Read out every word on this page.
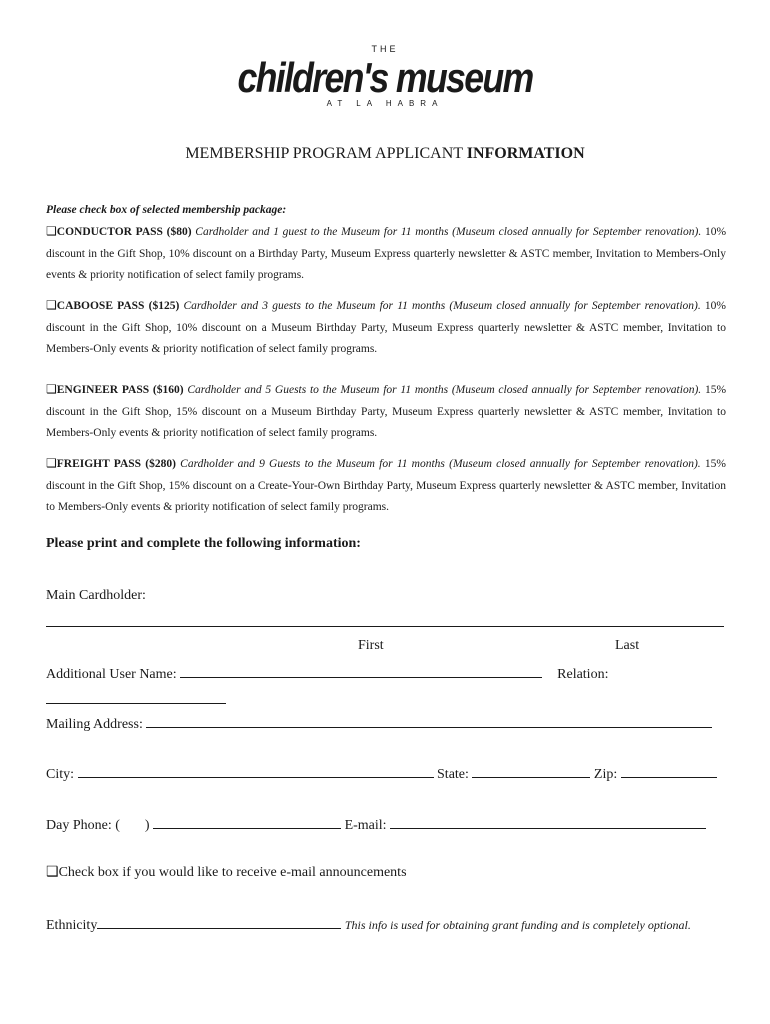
THE
children's museum
AT LA HABRA
MEMBERSHIP PROGRAM APPLICANT INFORMATION
Please check box of selected membership package:
❑CONDUCTOR PASS ($80) Cardholder and 1 guest to the Museum for 11 months (Museum closed annually for September renovation). 10% discount in the Gift Shop, 10% discount on a Birthday Party, Museum Express quarterly newsletter & ASTC member, Invitation to Members-Only events & priority notification of select family programs.
❑CABOOSE PASS ($125) Cardholder and 3 guests to the Museum for 11 months (Museum closed annually for September renovation). 10% discount in the Gift Shop, 10% discount on a Museum Birthday Party, Museum Express quarterly newsletter & ASTC member, Invitation to Members-Only events & priority notification of select family programs.
❑ENGINEER PASS ($160) Cardholder and 5 Guests to the Museum for 11 months (Museum closed annually for September renovation). 15% discount in the Gift Shop, 15% discount on a Museum Birthday Party, Museum Express quarterly newsletter & ASTC member, Invitation to Members-Only events & priority notification of select family programs.
❑FREIGHT PASS ($280) Cardholder and 9 Guests to the Museum for 11 months (Museum closed annually for September renovation). 15% discount in the Gift Shop, 15% discount on a Create-Your-Own Birthday Party, Museum Express quarterly newsletter & ASTC member, Invitation to Members-Only events & priority notification of select family programs.
Please print and complete the following information:
Main Cardholder:
First	Last
Additional User Name:	Relation:
Mailing Address:
City:	State:	Zip:
Day Phone: ( )	E-mail:
❑Check box if you would like to receive e-mail announcements
Ethnicity	This info is used for obtaining grant funding and is completely optional.
